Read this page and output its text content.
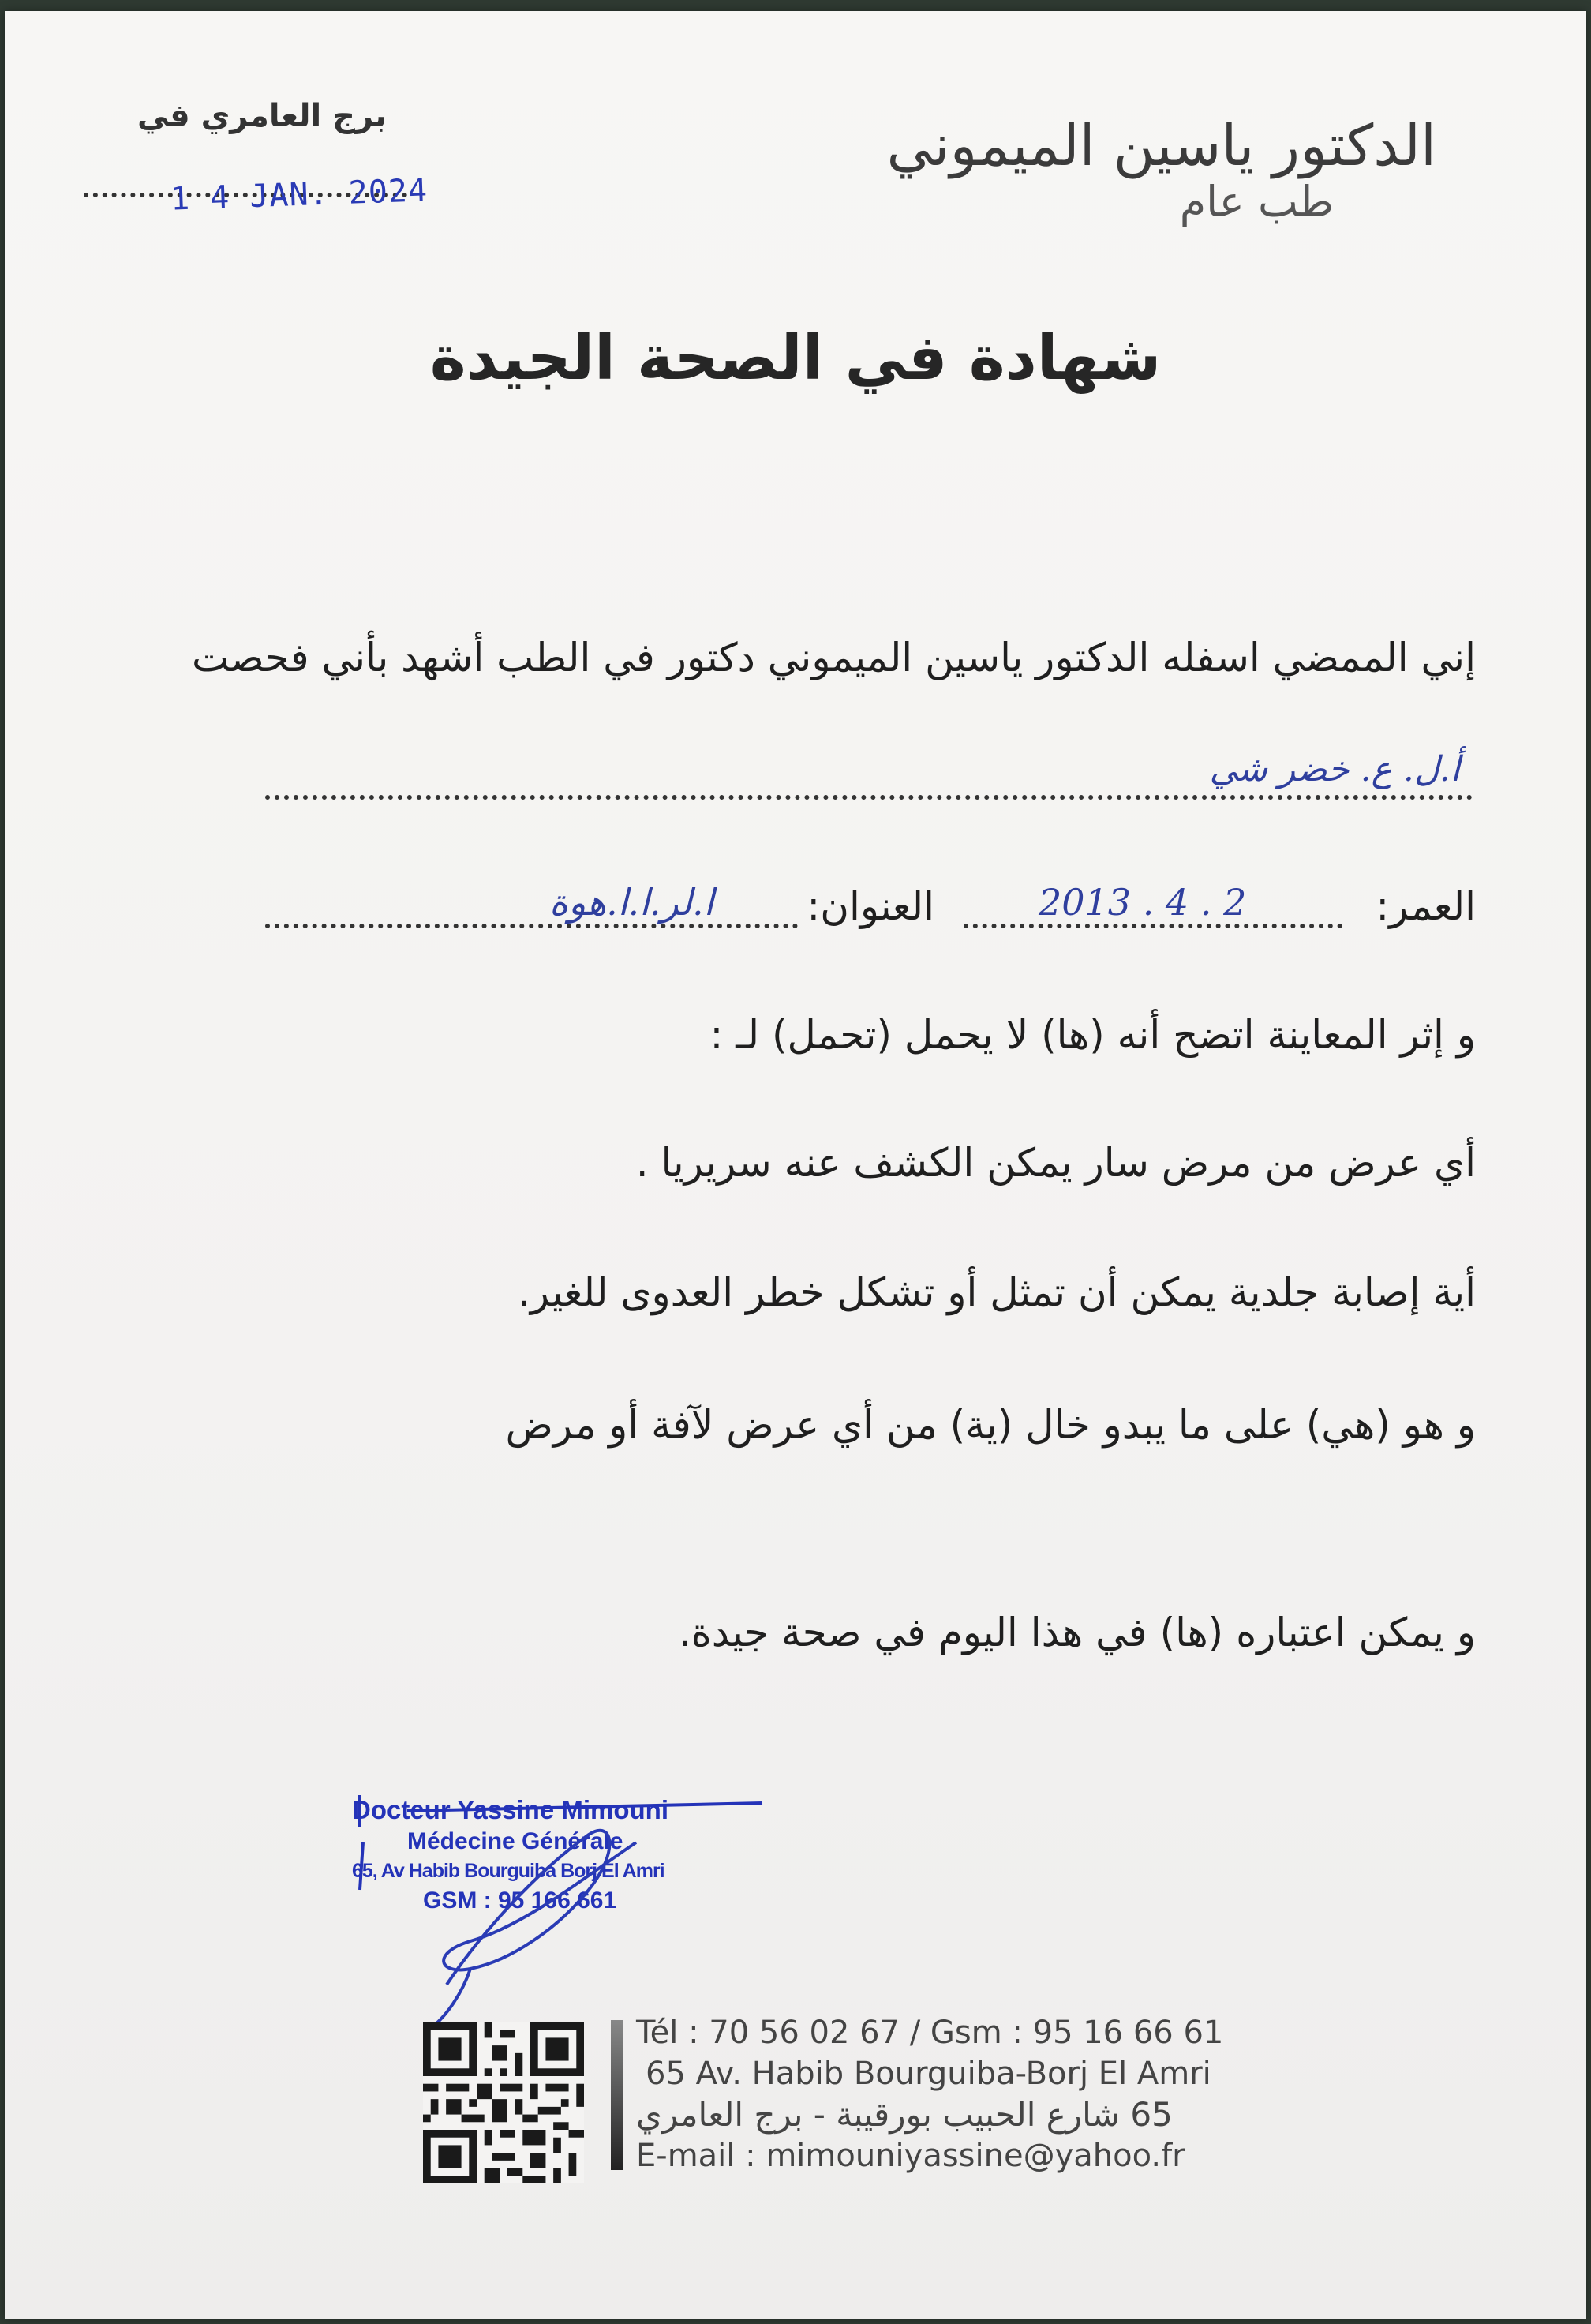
الدكتور ياسين الميموني
طب عام
برج العامري في
1 4 JAN. 2024
شهادة في الصحة الجيدة
إني الممضي اسفله الدكتور ياسين الميموني دكتور في الطب أشهد بأني فحصت
أ.ل. ع. خضر شي
العمر:
2013 . 4 . 2
العنوان:
ا.لر.ا.ا.هوة
و إثر المعاينة اتضح أنه (ها) لا يحمل (تحمل) لـ :
أي عرض من مرض سار يمكن الكشف عنه سريريا .
أية إصابة جلدية يمكن أن تمثل أو تشكل خطر العدوى للغير.
و هو (هي) على ما يبدو خال (ية) من أي عرض لآفة أو مرض
و يمكن اعتباره (ها) في هذا اليوم في صحة جيدة.
Docteur Yassine Mimouni
Médecine Générale
65, Av Habib Bourguiba Borj El Amri
GSM : 95 166 661
Tél : 70 56 02 67 / Gsm : 95 16 66 61
65 Av. Habib Bourguiba-Borj El Amri
65 شارع الحبيب بورقيبة - برج العامري
E-mail : mimouniyassine@yahoo.fr
